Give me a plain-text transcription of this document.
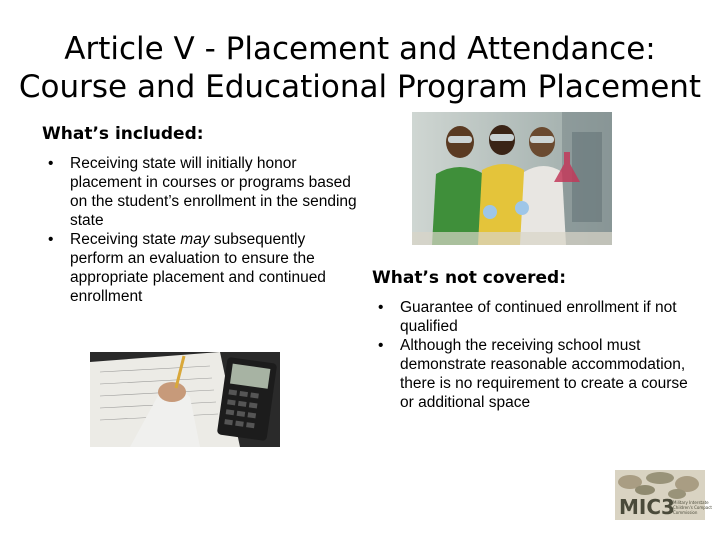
Article V - Placement and Attendance:
Course and Educational Program Placement
What’s included:
• Receiving state will initially honor placement in courses or programs based on the student’s enrollment in the sending state
• Receiving state may subsequently perform an evaluation to ensure the appropriate placement and continued enrollment
What’s not covered:
• Guarantee of continued enrollment if not qualified
• Although the receiving school must demonstrate reasonable accommodation, there is no requirement to create a course or additional space
MIC3
Military Interstate
Children's Compact
Commission
